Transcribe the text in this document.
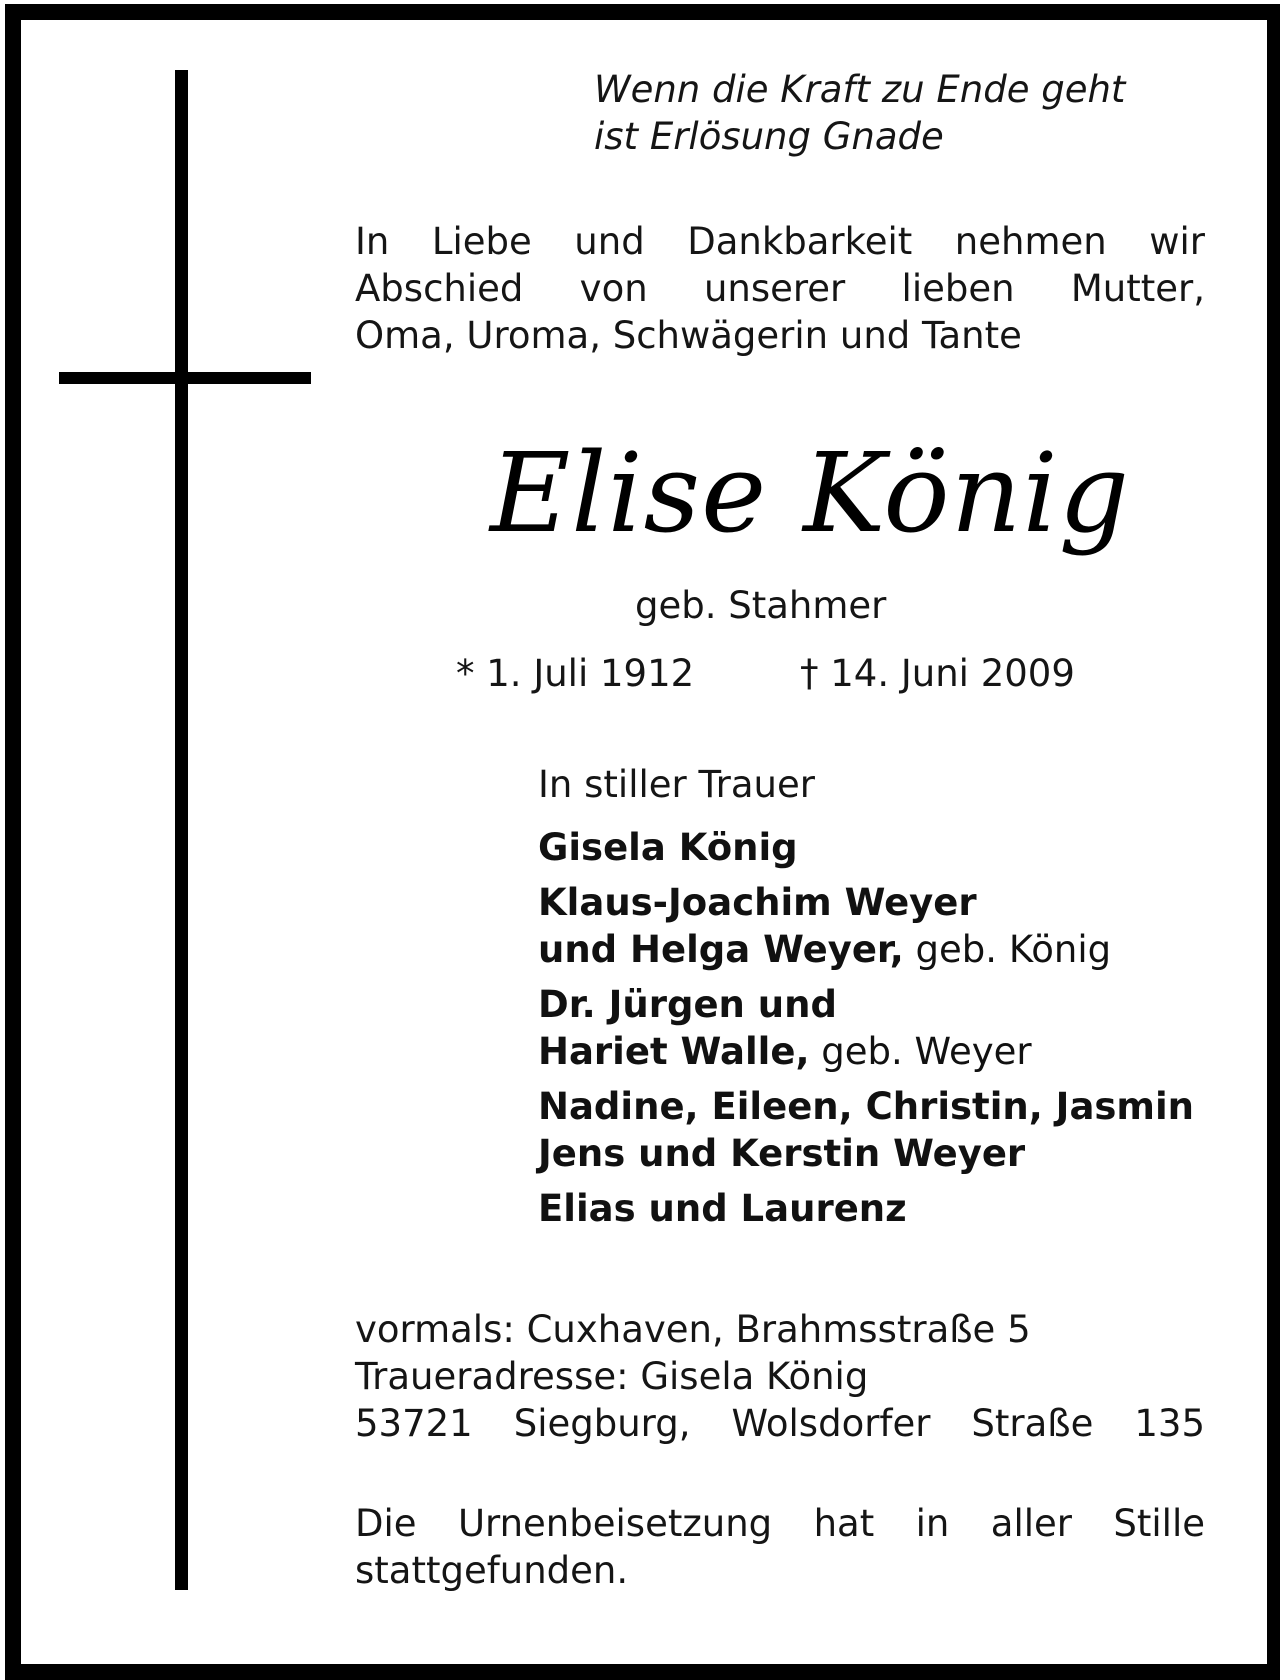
Wenn die Kraft zu Ende geht
ist Erlösung Gnade
In Liebe und Dankbarkeit nehmen wir
Abschied von unserer lieben Mutter,
Oma, Uroma, Schwägerin und Tante
Elise König
geb. Stahmer
* 1. Juli 1912	† 14. Juni 2009
In stiller Trauer
Gisela König
Klaus-Joachim Weyer
und Helga Weyer, geb. König
Dr. Jürgen und
Hariet Walle, geb. Weyer
Nadine, Eileen, Christin, Jasmin
Jens und Kerstin Weyer
Elias und Laurenz
vormals: Cuxhaven, Brahmsstraße 5
Traueradresse: Gisela König
53721 Siegburg, Wolsdorfer Straße 135
Die Urnenbeisetzung hat in aller Stille
stattgefunden.
